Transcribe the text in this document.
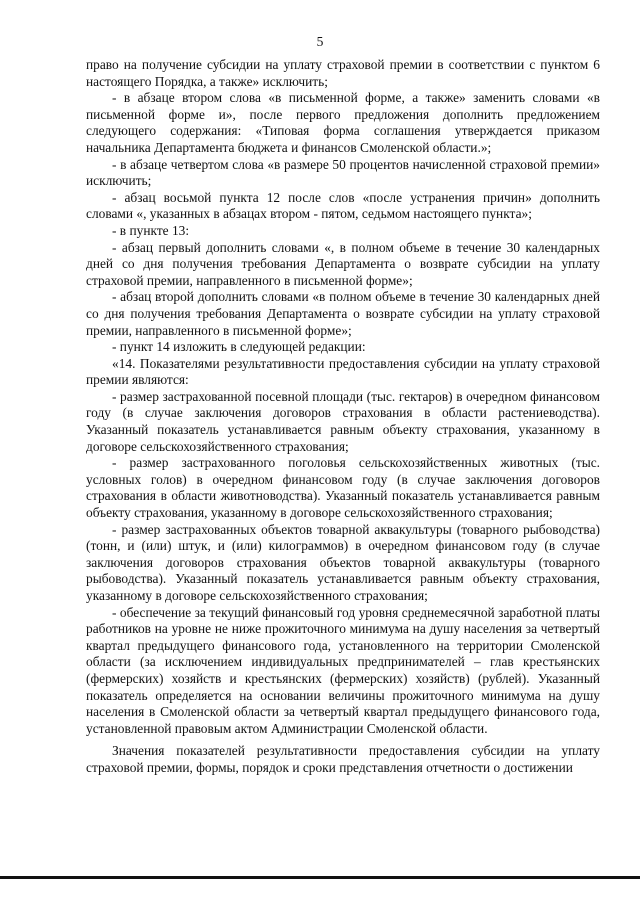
5

право на получение субсидии на уплату страховой премии в соответствии с пунктом 6 настоящего Порядка, а также» исключить;

- в абзаце втором слова «в письменной форме, а также» заменить словами «в письменной форме и», после первого предложения дополнить предложением следующего содержания: «Типовая форма соглашения утверждается приказом начальника Департамента бюджета и финансов Смоленской области.»;

- в абзаце четвертом слова «в размере 50 процентов начисленной страховой премии» исключить;

- абзац восьмой пункта 12 после слов «после устранения причин» дополнить словами «, указанных в абзацах втором - пятом, седьмом настоящего пункта»;

- в пункте 13:

- абзац первый дополнить словами «, в полном объеме в течение 30 календарных дней со дня получения требования Департамента о возврате субсидии на уплату страховой премии, направленного в письменной форме»;

- абзац второй дополнить словами «в полном объеме в течение 30 календарных дней со дня получения требования Департамента о возврате субсидии на уплату страховой премии, направленного в письменной форме»;

- пункт 14 изложить в следующей редакции:

«14. Показателями результативности предоставления субсидии на уплату страховой премии являются:

- размер застрахованной посевной площади (тыс. гектаров) в очередном финансовом году (в случае заключения договоров страхования в области растениеводства). Указанный показатель устанавливается равным объекту страхования, указанному в договоре сельскохозяйственного страхования;

- размер застрахованного поголовья сельскохозяйственных животных (тыс. условных голов) в очередном финансовом году (в случае заключения договоров страхования в области животноводства). Указанный показатель устанавливается равным объекту страхования, указанному в договоре сельскохозяйственного страхования;

- размер застрахованных объектов товарной аквакультуры (товарного рыбоводства) (тонн, и (или) штук, и (или) килограммов) в очередном финансовом году (в случае заключения договоров страхования объектов товарной аквакультуры (товарного рыбоводства). Указанный показатель устанавливается равным объекту страхования, указанному в договоре сельскохозяйственного страхования;

- обеспечение за текущий финансовый год уровня среднемесячной заработной платы работников на уровне не ниже прожиточного минимума на душу населения за четвертый квартал предыдущего финансового года, установленного на территории Смоленской области (за исключением индивидуальных предпринимателей – глав крестьянских (фермерских) хозяйств и крестьянских (фермерских) хозяйств) (рублей). Указанный показатель определяется на основании величины прожиточного минимума на душу населения в Смоленской области за четвертый квартал предыдущего финансового года, установленной правовым актом Администрации Смоленской области.

Значения показателей результативности предоставления субсидии на уплату страховой премии, формы, порядок и сроки представления отчетности о достижении
